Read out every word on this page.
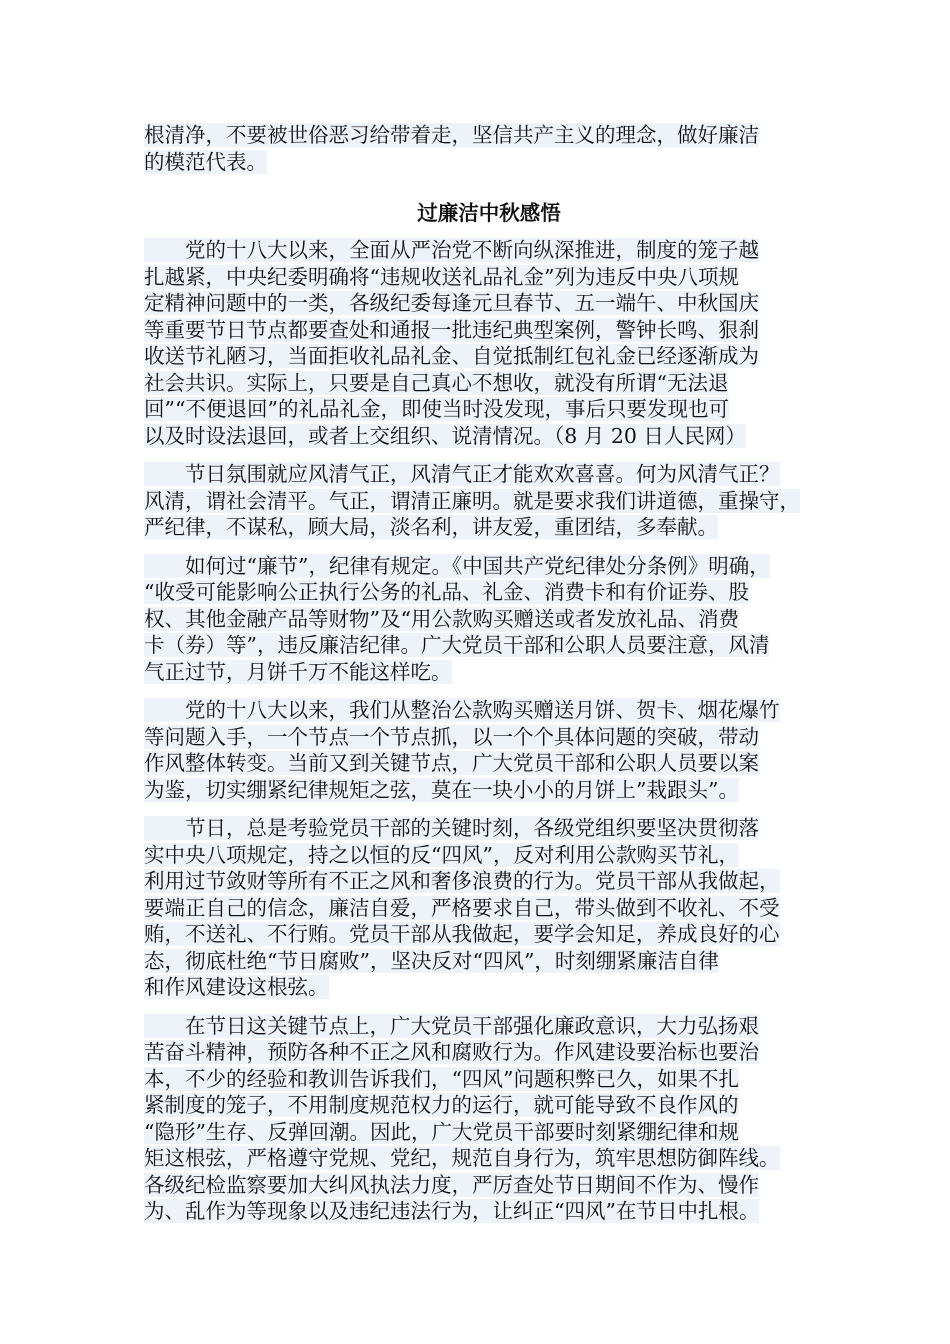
根清净，不要被世俗恶习给带着走，坚信共产主义的理念，做好廉洁
的模范代表。
过廉洁中秋感悟
　　党的十八大以来，全面从严治党不断向纵深推进，制度的笼子越
扎越紧，中央纪委明确将“违规收送礼品礼金”列为违反中央八项规
定精神问题中的一类，各级纪委每逢元旦春节、五一端午、中秋国庆
等重要节日节点都要查处和通报一批违纪典型案例，警钟长鸣、狠刹
收送节礼陋习，当面拒收礼品礼金、自觉抵制红包礼金已经逐渐成为
社会共识。实际上，只要是自己真心不想收，就没有所谓“无法退
回”“不便退回”的礼品礼金，即使当时没发现，事后只要发现也可
以及时设法退回，或者上交组织、说清情况。（8 月 20 日人民网）
　　节日氛围就应风清气正，风清气正才能欢欢喜喜。何为风清气正？
风清，谓社会清平。气正，谓清正廉明。就是要求我们讲道德，重操守，
严纪律，不谋私，顾大局，淡名利，讲友爱，重团结，多奉献。
　　如何过“廉节”，纪律有规定。《中国共产党纪律处分条例》明确，
“收受可能影响公正执行公务的礼品、礼金、消费卡和有价证券、股
权、其他金融产品等财物”及“用公款购买赠送或者发放礼品、消费
卡（券）等”，违反廉洁纪律。广大党员干部和公职人员要注意，风清
气正过节，月饼千万不能这样吃。
　　党的十八大以来，我们从整治公款购买赠送月饼、贺卡、烟花爆竹
等问题入手，一个节点一个节点抓，以一个个具体问题的突破，带动
作风整体转变。当前又到关键节点，广大党员干部和公职人员要以案
为鉴，切实绷紧纪律规矩之弦，莫在一块小小的月饼上”栽跟头”。
　　节日，总是考验党员干部的关键时刻，各级党组织要坚决贯彻落
实中央八项规定，持之以恒的反“四风”，反对利用公款购买节礼，
利用过节敛财等所有不正之风和奢侈浪费的行为。党员干部从我做起，
要端正自己的信念，廉洁自爱，严格要求自己，带头做到不收礼、不受
贿，不送礼、不行贿。党员干部从我做起，要学会知足，养成良好的心
态，彻底杜绝“节日腐败”，坚决反对“四风”，时刻绷紧廉洁自律
和作风建设这根弦。
　　在节日这关键节点上，广大党员干部强化廉政意识，大力弘扬艰
苦奋斗精神，预防各种不正之风和腐败行为。作风建设要治标也要治
本，不少的经验和教训告诉我们，“四风”问题积弊已久，如果不扎
紧制度的笼子，不用制度规范权力的运行，就可能导致不良作风的
“隐形”生存、反弹回潮。因此，广大党员干部要时刻紧绷纪律和规
矩这根弦，严格遵守党规、党纪，规范自身行为，筑牢思想防御阵线。
各级纪检监察要加大纠风执法力度，严厉查处节日期间不作为、慢作
为、乱作为等现象以及违纪违法行为，让纠正“四风”在节日中扎根。
